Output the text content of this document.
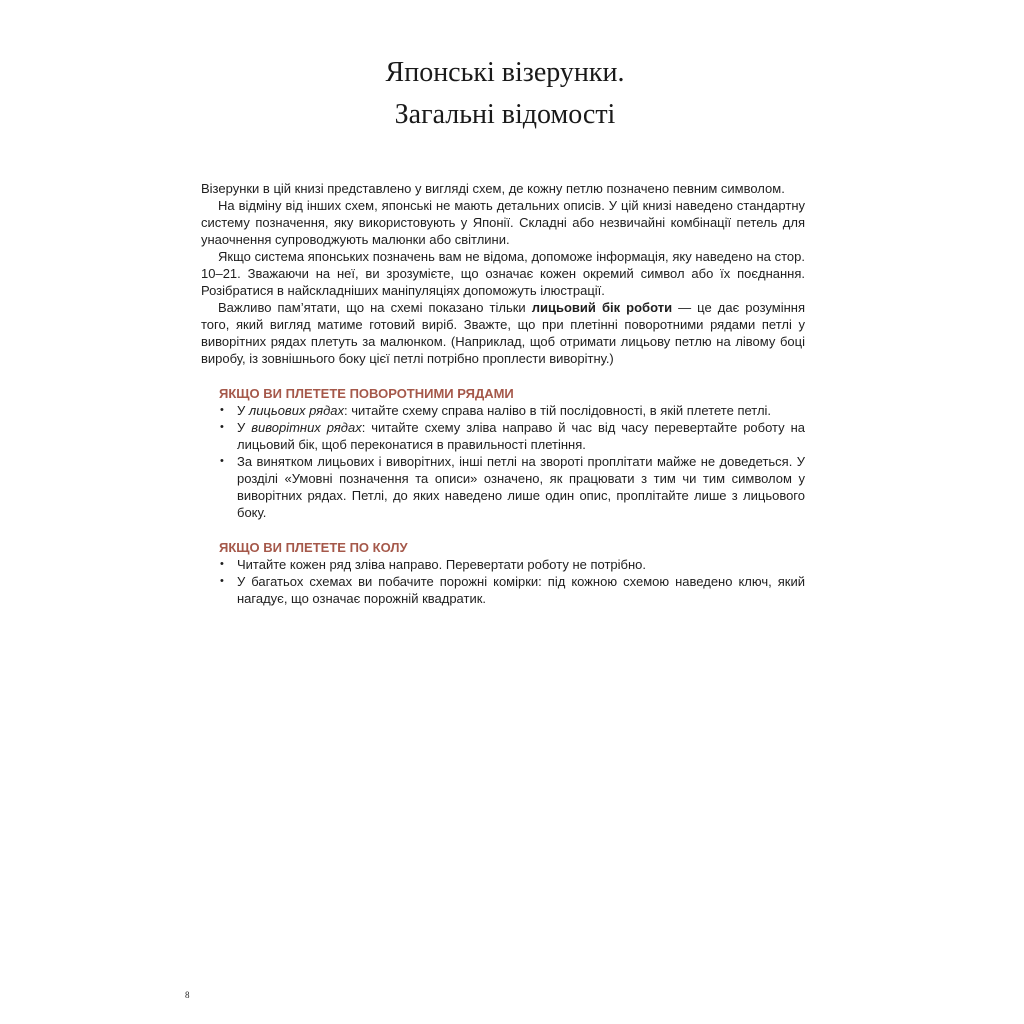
Японські візерунки.
Загальні відомості

Візерунки в цій книзі представлено у вигляді схем, де кожну петлю позначено певним символом.

На відміну від інших схем, японські не мають детальних описів. У цій книзі наведено стандартну систему позначення, яку використовують у Японії. Складні або незвичайні комбінації петель для унаочнення супроводжують малюнки або світлини.

Якщо система японських позначень вам не відома, допоможе інформація, яку наведено на стор. 10–21. Зважаючи на неї, ви зрозумієте, що означає кожен окремий символ або їх поєднання. Розібратися в найскладніших маніпуляціях допоможуть ілюстрації.

Важливо пам’ятати, що на схемі показано тільки лицьовий бік роботи — це дає розуміння того, який вигляд матиме готовий виріб. Зважте, що при плетінні поворотними рядами петлі у виворітних рядах плетуть за малюнком. (Наприклад, щоб отримати лицьову петлю на лівому боці виробу, із зовнішнього боку цієї петлі потрібно проплести виворітну.)

ЯКЩО ВИ ПЛЕТЕТЕ ПОВОРОТНИМИ РЯДАМИ
• У лицьових рядах: читайте схему справа наліво в тій послідовності, в якій плетете петлі.
• У виворітних рядах: читайте схему зліва направо й час від часу перевертайте роботу на лицьовий бік, щоб переконатися в правильності плетіння.
• За винятком лицьових і виворітних, інші петлі на звороті проплітати майже не доведеться. У розділі «Умовні позначення та описи» означено, як працювати з тим чи тим символом у виворітних рядах. Петлі, до яких наведено лише один опис, проплітайте лише з лицьового боку.
ЯКЩО ВИ ПЛЕТЕТЕ ПО КОЛУ
• Читайте кожен ряд зліва направо. Перевертати роботу не потрібно.
• У багатьох схемах ви побачите порожні комірки: під кожною схемою наведено ключ, який нагадує, що означає порожній квадратик.
8
